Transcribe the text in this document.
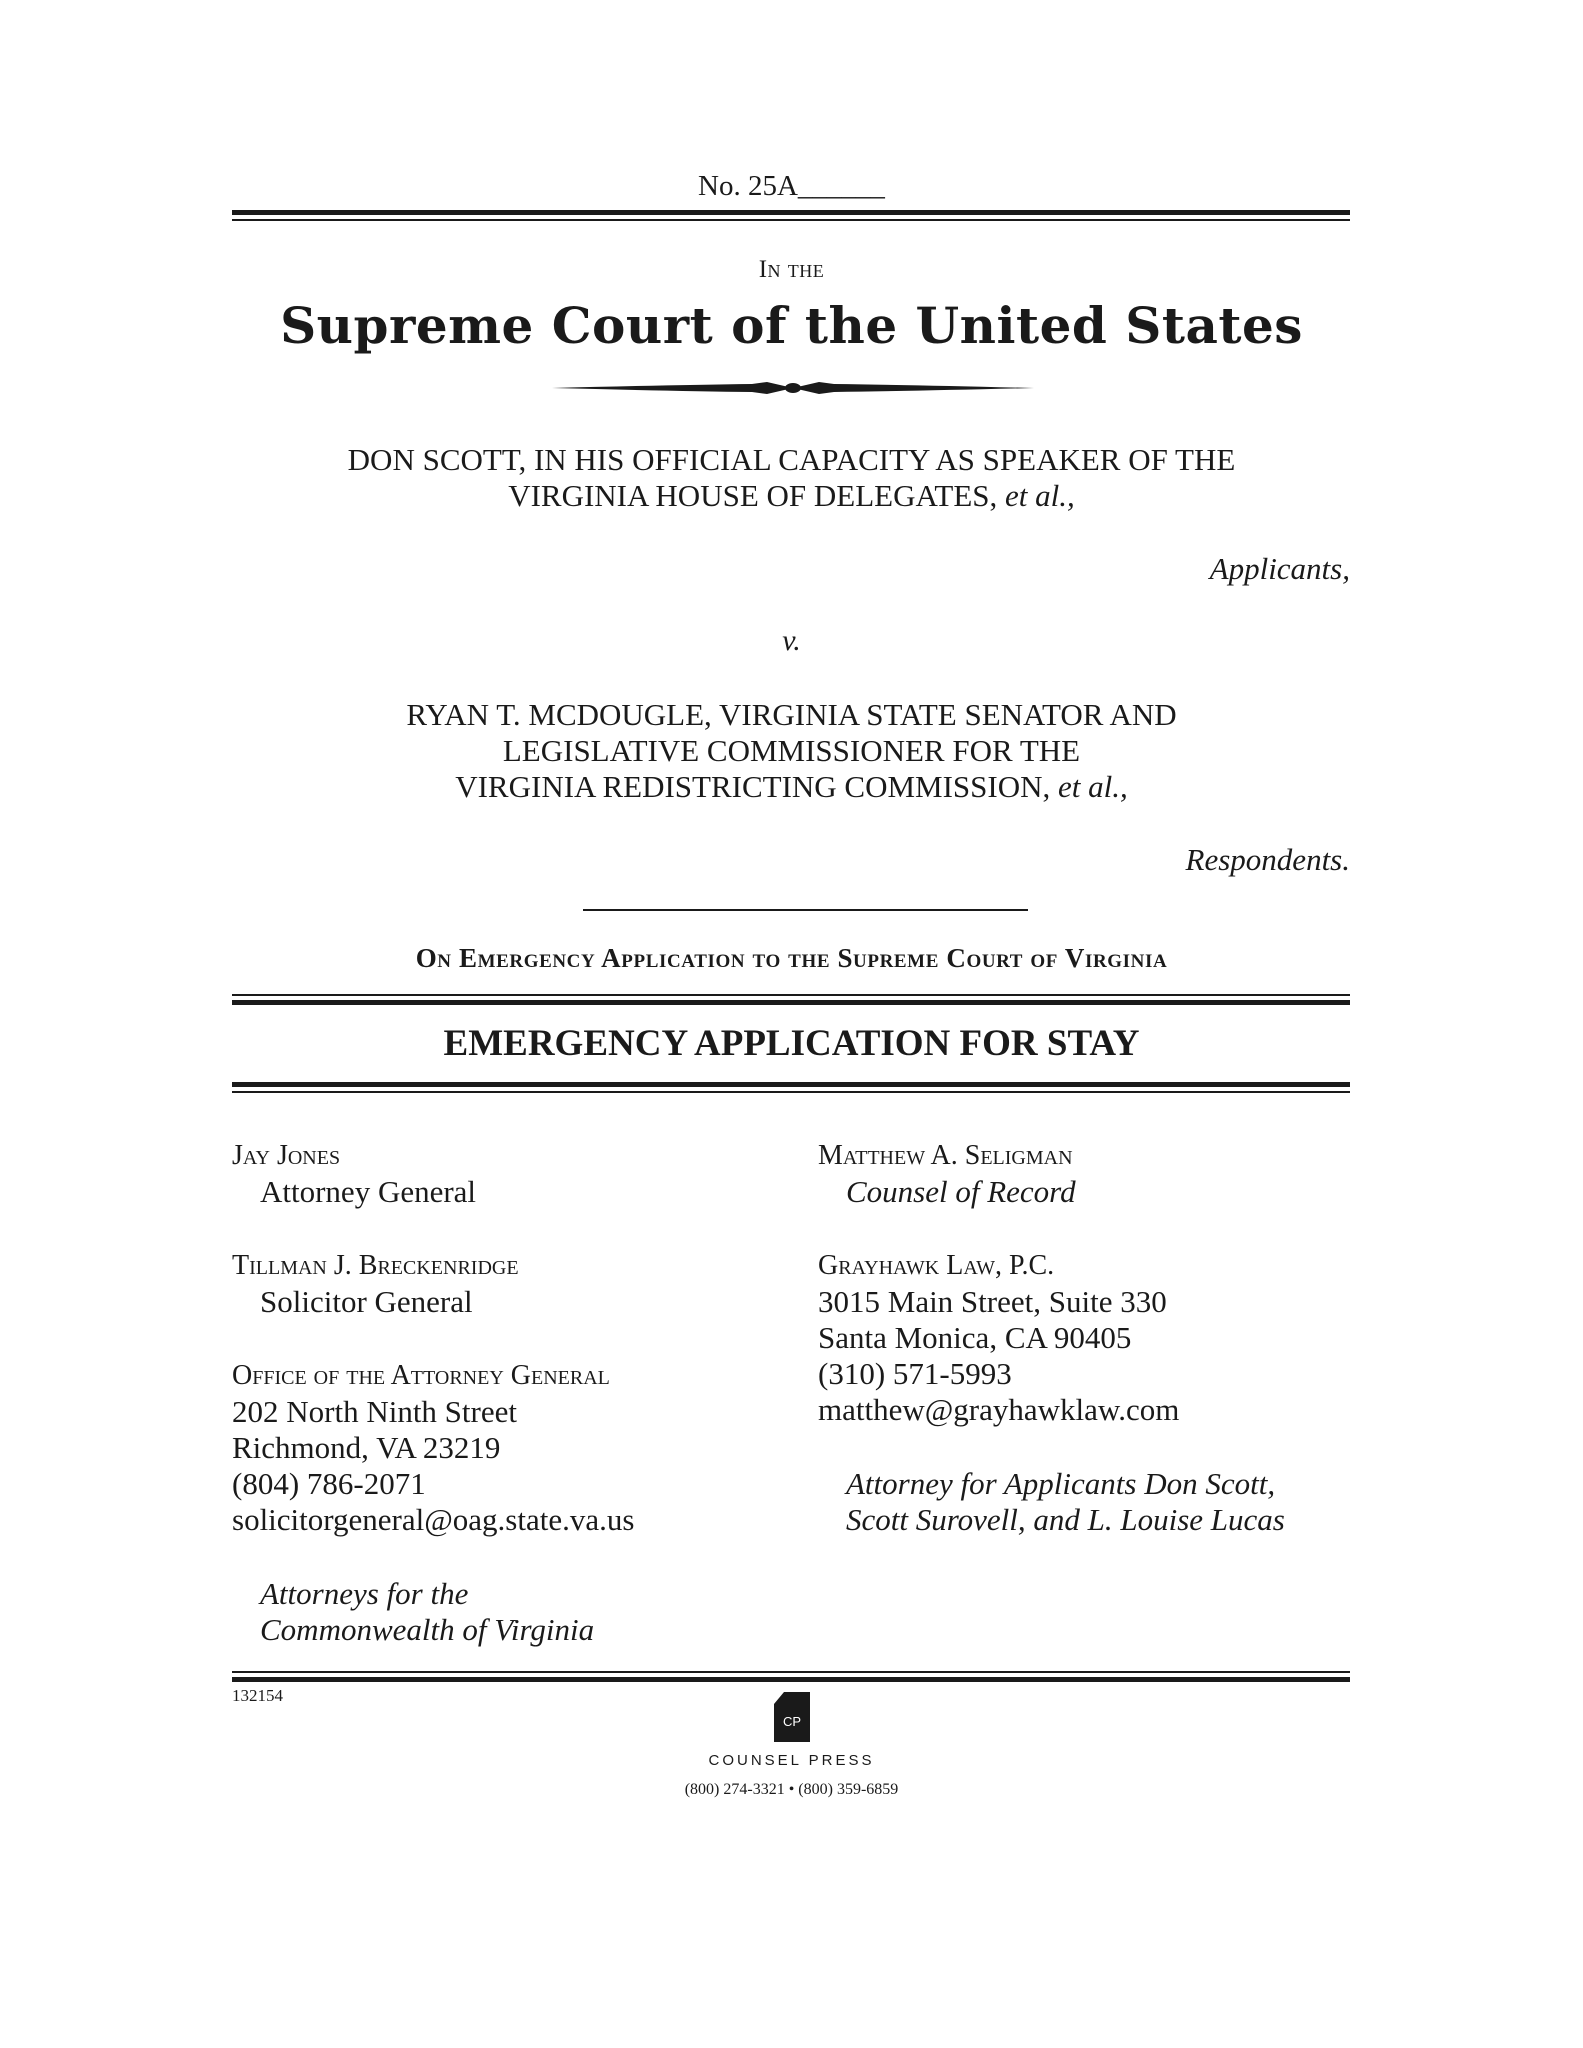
No. 25A______
In the
Supreme Court of the United States
DON SCOTT, IN HIS OFFICIAL CAPACITY AS SPEAKER OF THE
VIRGINIA HOUSE OF DELEGATES, et al.,
Applicants,
v.
RYAN T. MCDOUGLE, VIRGINIA STATE SENATOR AND
LEGISLATIVE COMMISSIONER FOR THE
VIRGINIA REDISTRICTING COMMISSION, et al.,
Respondents.
On Emergency Application to the Supreme Court of Virginia
EMERGENCY APPLICATION FOR STAY
Jay Jones
Attorney General
Tillman J. Breckenridge
Solicitor General
Office of the Attorney General
202 North Ninth Street
Richmond, VA 23219
(804) 786-2071
solicitorgeneral@oag.state.va.us
Attorneys for the
Commonwealth of Virginia
Matthew A. Seligman
Counsel of Record
Grayhawk Law, P.C.
3015 Main Street, Suite 330
Santa Monica, CA 90405
(310) 571-5993
matthew@grayhawklaw.com
Attorney for Applicants Don Scott,
Scott Surovell, and L. Louise Lucas
132154
CP
COUNSEL PRESS
(800) 274-3321 • (800) 359-6859
